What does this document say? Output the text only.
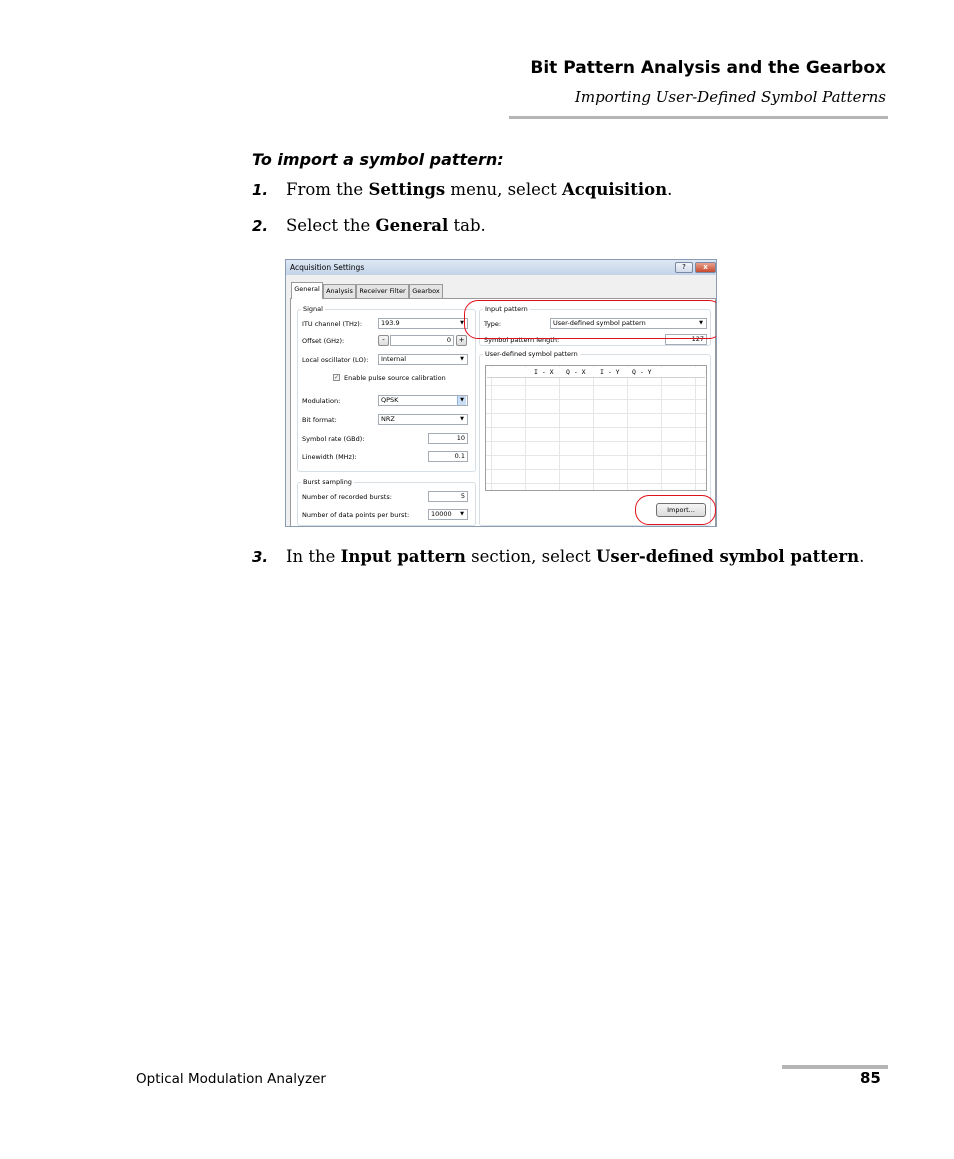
Bit Pattern Analysis and the Gearbox
Importing User-Defined Symbol Patterns
To import a symbol pattern:
1. From the Settings menu, select Acquisition.
2. Select the General tab.
Acquisition Settings	?	x
General Analysis Receiver Filter	Gearbox
Signal
ITU channel (THz):	193.9	▼
Offset (GHz):	-	0	+
Local oscillator (LO):	Internal	▼
✓ Enable pulse source calibration
Modulation:	QPSK	▼
Bit format:	NRZ	▼
Symbol rate (GBd):	10
Linewidth (MHz):	0.1
Burst sampling
Number of recorded bursts:	5
Number of data points per burst:	10000	▼
Input pattern
Type:	User-defined symbol pattern	▼
Symbol pattern length:	127
User-defined symbol pattern
I - X Q - X I - Y Q - Y
Import...
3. In the Input pattern section, select User-defined symbol pattern.
Optical Modulation Analyzer	85
